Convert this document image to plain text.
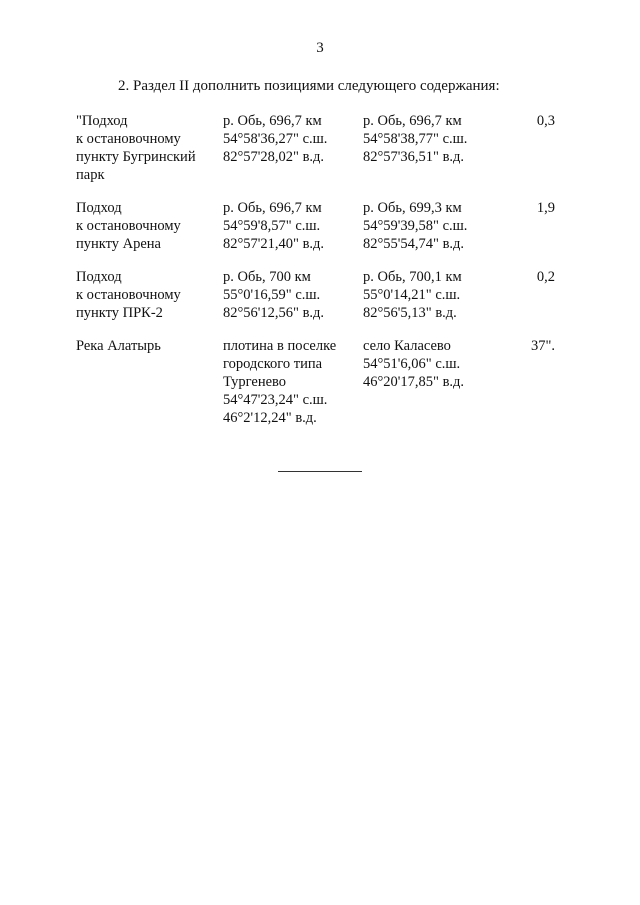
3
2. Раздел II дополнить позициями следующего содержания:
"Подход
к остановочному
пункту Бугринский
парк
р. Обь, 696,7 км
54°58'36,27" с.ш.
82°57'28,02" в.д.
р. Обь, 696,7 км
54°58'38,77" с.ш.
82°57'36,51" в.д.
0,3
Подход
к остановочному
пункту Арена
р. Обь, 696,7 км
54°59'8,57" с.ш.
82°57'21,40" в.д.
р. Обь, 699,3 км
54°59'39,58" с.ш.
82°55'54,74" в.д.
1,9
Подход
к остановочному
пункту ПРК-2
р. Обь, 700 км
55°0'16,59" с.ш.
82°56'12,56" в.д.
р. Обь, 700,1 км
55°0'14,21" с.ш.
82°56'5,13" в.д.
0,2
Река Алатырь	плотина в поселке
городского типа
Тургенево
54°47'23,24" с.ш.
46°2'12,24" в.д.
село Каласево
54°51'6,06" с.ш.
46°20'17,85" в.д.
37".
